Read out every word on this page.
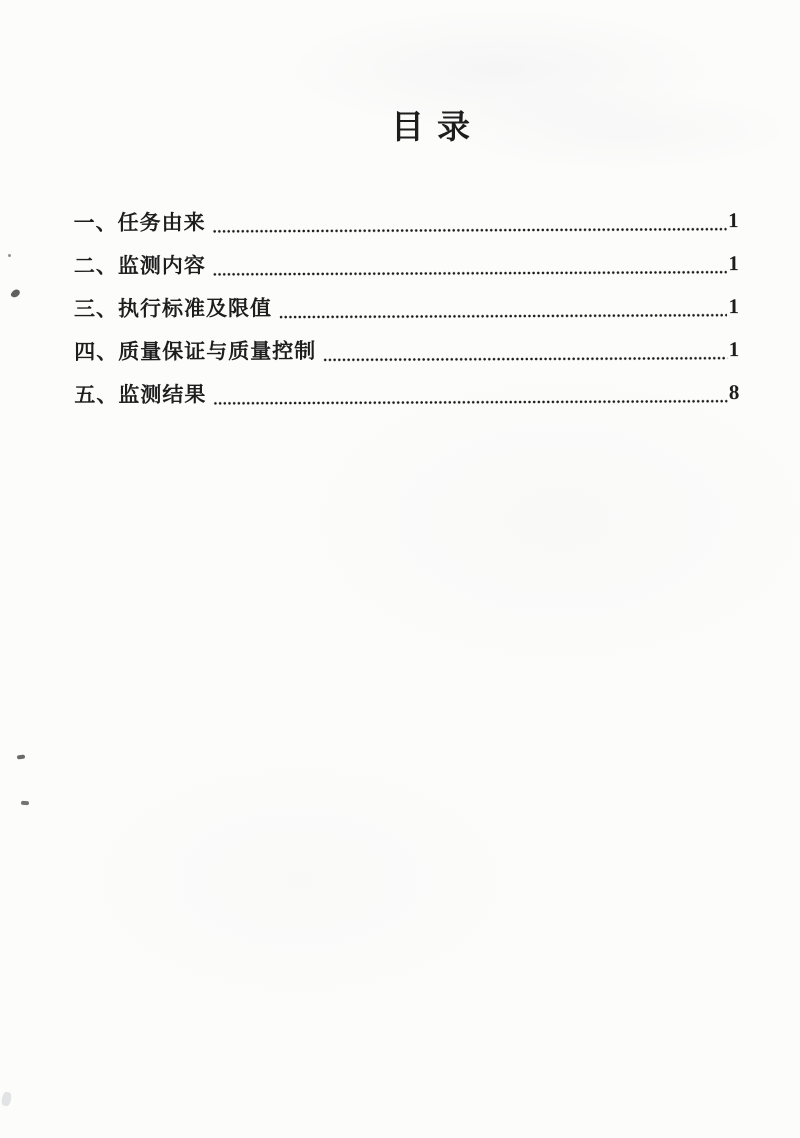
目录
一、任务由来	1
二、监测内容	1
三、执行标准及限值	1
四、质量保证与质量控制	1
五、监测结果	8
